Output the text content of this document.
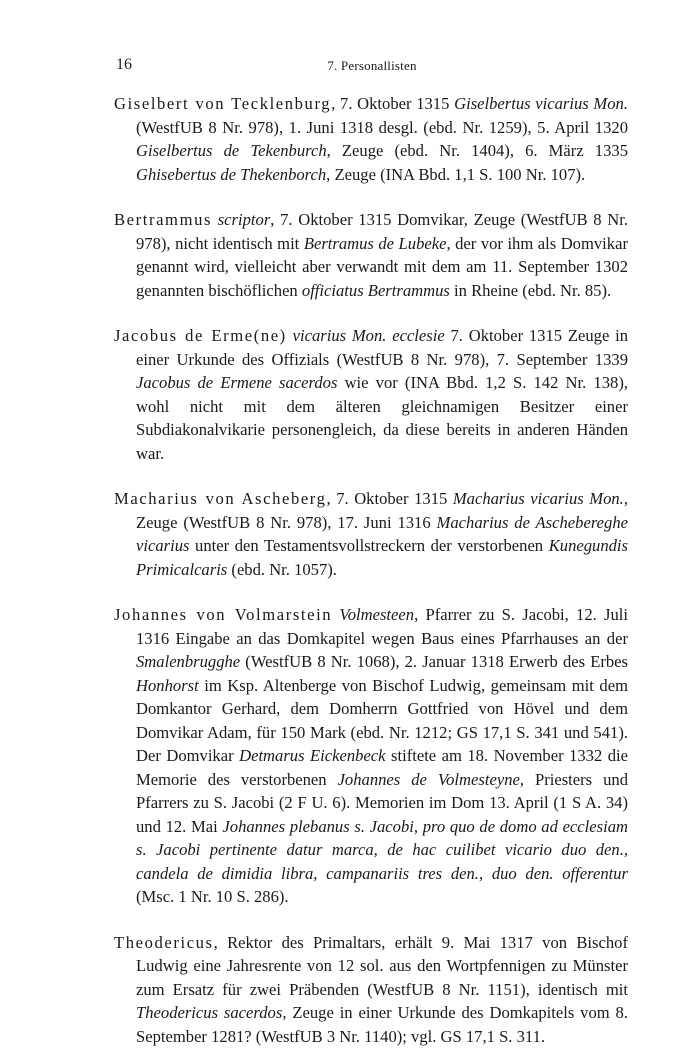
16	7. Personallisten

Giselbert von Tecklenburg, 7. Oktober 1315 Giselbertus vicarius Mon. (WestfUB 8 Nr. 978), 1. Juni 1318 desgl. (ebd. Nr. 1259), 5. April 1320 Giselbertus de Tekenburch, Zeuge (ebd. Nr. 1404), 6. März 1335 Ghisebertus de Thekenborch, Zeuge (INA Bbd. 1,1 S. 100 Nr. 107).

Bertrammus scriptor, 7. Oktober 1315 Domvikar, Zeuge (WestfUB 8 Nr. 978), nicht identisch mit Bertramus de Lubeke, der vor ihm als Domvikar genannt wird, vielleicht aber verwandt mit dem am 11. September 1302 genannten bischöflichen officiatus Bertrammus in Rheine (ebd. Nr. 85).

Jacobus de Erme(ne) vicarius Mon. ecclesie 7. Oktober 1315 Zeuge in einer Urkunde des Offizials (WestfUB 8 Nr. 978), 7. September 1339 Jacobus de Ermene sacerdos wie vor (INA Bbd. 1,2 S. 142 Nr. 138), wohl nicht mit dem älteren gleichnamigen Besitzer einer Subdiakonalvikarie personengleich, da diese bereits in anderen Händen war.

Macharius von Ascheberg, 7. Oktober 1315 Macharius vicarius Mon., Zeuge (WestfUB 8 Nr. 978), 17. Juni 1316 Macharius de Aschebereghe vicarius unter den Testamentsvollstreckern der verstorbenen Kunegundis Primicalcaris (ebd. Nr. 1057).

Johannes von Volmarstein Volmesteen, Pfarrer zu S. Jacobi, 12. Juli 1316 Eingabe an das Domkapitel wegen Baus eines Pfarrhauses an der Smalenbrugghe (WestfUB 8 Nr. 1068), 2. Januar 1318 Erwerb des Erbes Honhorst im Ksp. Altenberge von Bischof Ludwig, gemeinsam mit dem Domkantor Gerhard, dem Domherrn Gottfried von Hövel und dem Domvikar Adam, für 150 Mark (ebd. Nr. 1212; GS 17,1 S. 341 und 541). Der Domvikar Detmarus Eickenbeck stiftete am 18. November 1332 die Memorie des verstorbenen Johannes de Volmesteyne, Priesters und Pfarrers zu S. Jacobi (2 F U. 6). Memorien im Dom 13. April (1 S A. 34) und 12. Mai Johannes plebanus s. Jacobi, pro quo de domo ad ecclesiam s. Jacobi pertinente datur marca, de hac cuilibet vicario duo den., candela de dimidia libra, campanariis tres den., duo den. offerentur (Msc. 1 Nr. 10 S. 286).

Theodericus, Rektor des Primaltars, erhält 9. Mai 1317 von Bischof Ludwig eine Jahresrente von 12 sol. aus den Wortpfennigen zu Münster zum Ersatz für zwei Präbenden (WestfUB 8 Nr. 1151), identisch mit Theodericus sacerdos, Zeuge in einer Urkunde des Domkapitels vom 8. September 1281? (WestfUB 3 Nr. 1140); vgl. GS 17,1 S. 311.
